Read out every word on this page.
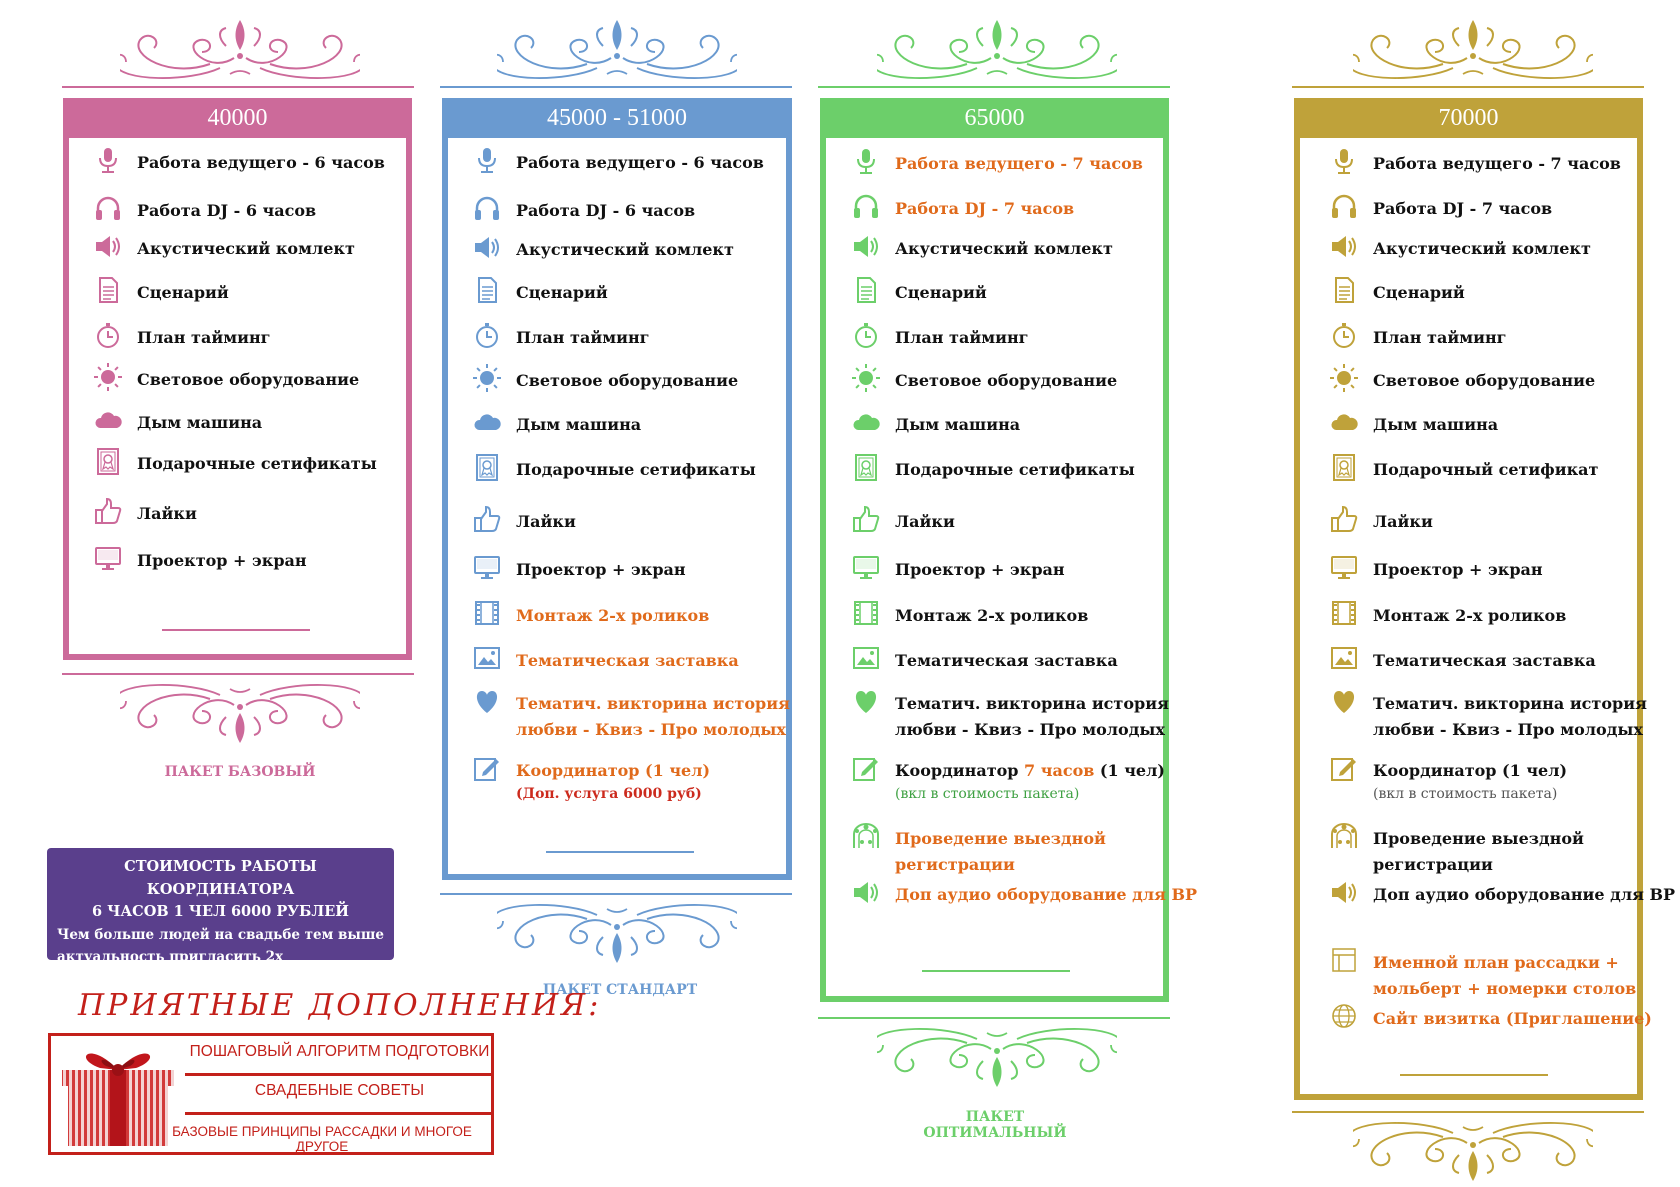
40000
Работа ведущего - 6 часов
Работа DJ - 6 часов
Акустический комлект
Сценарий
План тайминг
Световое оборудование
Дым машина
Подарочные сетификаты
Лайки
Проектор + экран
ПАКЕТ БАЗОВЫЙ
45000 - 51000
Работа ведущего - 6 часов
Работа DJ - 6 часов
Акустический комлект
Сценарий
План тайминг
Световое оборудование
Дым машина
Подарочные сетификаты
Лайки
Проектор + экран
Монтаж 2-х роликов
Тематическая заставка
Тематич. викторина история
любви - Квиз - Про молодых
Координатор (1 чел)
(Доп. услуга 6000 руб)
ПАКЕТ СТАНДАРТ
65000
Работа ведущего - 7 часов
Работа DJ - 7 часов
Акустический комлект
Сценарий
План тайминг
Световое оборудование
Дым машина
Подарочные сетификаты
Лайки
Проектор + экран
Монтаж 2-х роликов
Тематическая заставка
Тематич. викторина история
любви - Квиз - Про молодых
Координатор 7 часов (1 чел)
(вкл в стоимость пакета)
Проведение выездной
регистрации
Доп аудио оборудование для ВР
ПАКЕТ ОПТИМАЛЬНЫЙ
70000
Работа ведущего - 7 часов
Работа DJ - 7 часов
Акустический комлект
Сценарий
План тайминг
Световое оборудование
Дым машина
Подарочный сетификат
Лайки
Проектор + экран
Монтаж 2-х роликов
Тематическая заставка
Тематич. викторина история
любви - Квиз - Про молодых
Координатор (1 чел)
(вкл в стоимость пакета)
Проведение выездной
регистрации
Доп аудио оборудование для ВР
Именной план рассадки +
мольберт + номерки столов
Сайт визитка (Приглашение)
СТОИМОСТЬ РАБОТЫ КООРДИНАТОРА
6 ЧАСОВ 1 ЧЕЛ 6000 РУБЛЕЙ
Чем больше людей на свадьбе тем выше
актуальность пригласить 2х координаторов
ПРИЯТНЫЕ ДОПОЛНЕНИЯ:
ПОШАГОВЫЙ АЛГОРИТМ ПОДГОТОВКИ
СВАДЕБНЫЕ СОВЕТЫ
БАЗОВЫЕ ПРИНЦИПЫ РАССАДКИ И МНОГОЕ ДРУГОЕ
